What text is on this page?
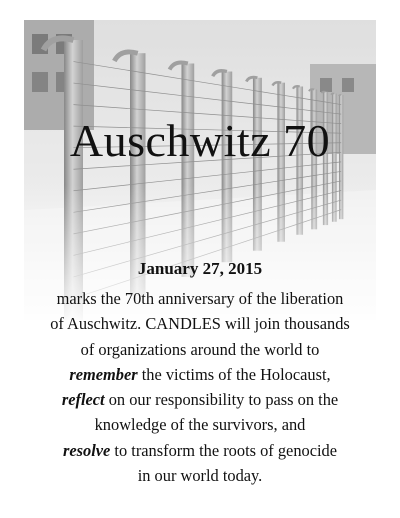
Auschwitz 70
January 27, 2015
marks the 70th anniversary of the liberation
of Auschwitz. CANDLES will join thousands
of organizations around the world to
remember the victims of the Holocaust,
reflect on our responsibility to pass on the
knowledge of the survivors, and
resolve to transform the roots of genocide
in our world today.
